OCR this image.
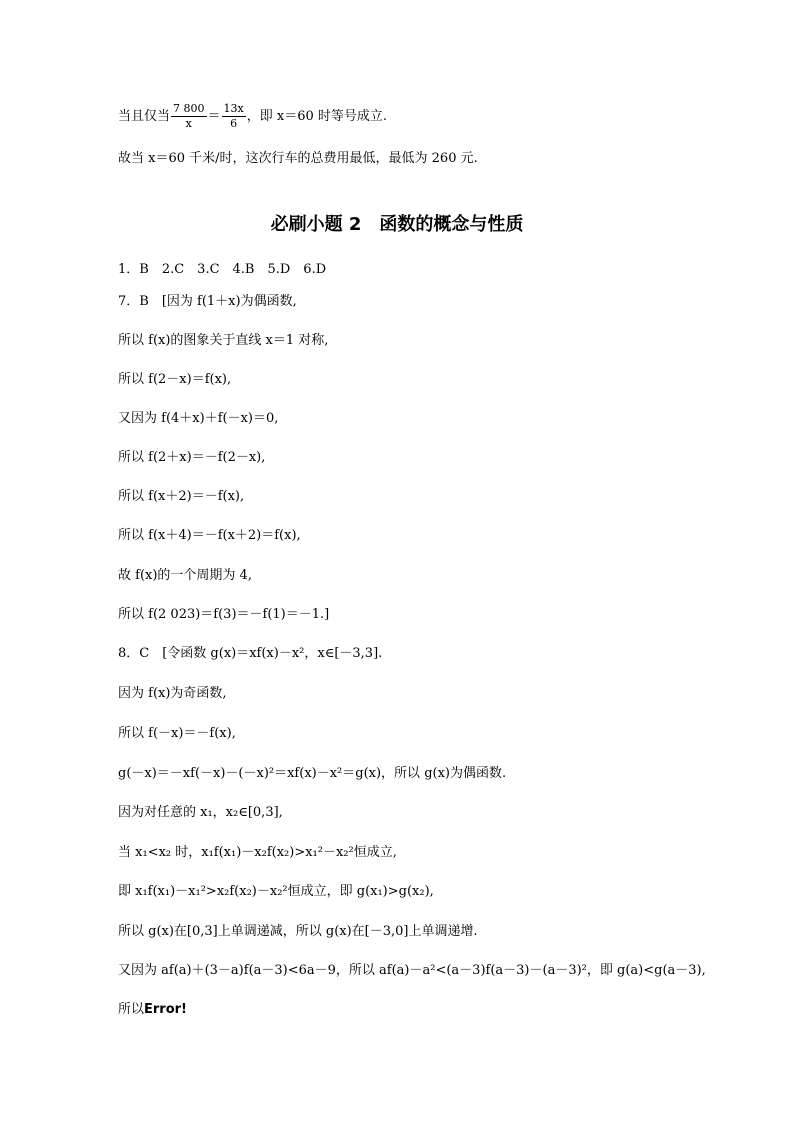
当且仅当 $\frac{7 800}{x} = \frac{13x}{6}$ ，即 x＝60 时等号成立.
故当 x＝60 千米/时，这次行车的总费用最低，最低为 260 元.
必刷小题 2　函数的概念与性质
1．B　2.C　3.C　4.B　5.D　6.D
7．B　[因为 f(1＋x)为偶函数,
所以 f(x)的图象关于直线 x＝1 对称,
所以 f(2－x)＝f(x),
又因为 f(4＋x)＋f(－x)＝0,
所以 f(2＋x)＝－f(2－x),
所以 f(x＋2)＝－f(x),
所以 f(x＋4)＝－f(x＋2)＝f(x),
故 f(x)的一个周期为 4,
所以 f(2 023)＝f(3)＝－f(1)＝－1.]
8．C　[令函数 g(x)＝xf(x)－x²，x∈[－3,3].
因为 f(x)为奇函数,
所以 f(－x)＝－f(x),
g(－x)＝－xf(－x)－(－x)²＝xf(x)－x²＝g(x)，所以 g(x)为偶函数.
因为对任意的 x₁，x₂∈[0,3],
当 x₁<x₂ 时，x₁f(x₁)－x₂f(x₂)>x₁²－x₂²恒成立,
即 x₁f(x₁)－x₁²>x₂f(x₂)－x₂²恒成立，即 g(x₁)>g(x₂),
所以 g(x)在[0,3]上单调递减，所以 g(x)在[－3,0]上单调递增.
又因为 af(a)＋(3－a)f(a－3)<6a－9，所以 af(a)－a²<(a－3)f(a－3)－(a－3)²，即 g(a)<g(a－3),
所以Error!
